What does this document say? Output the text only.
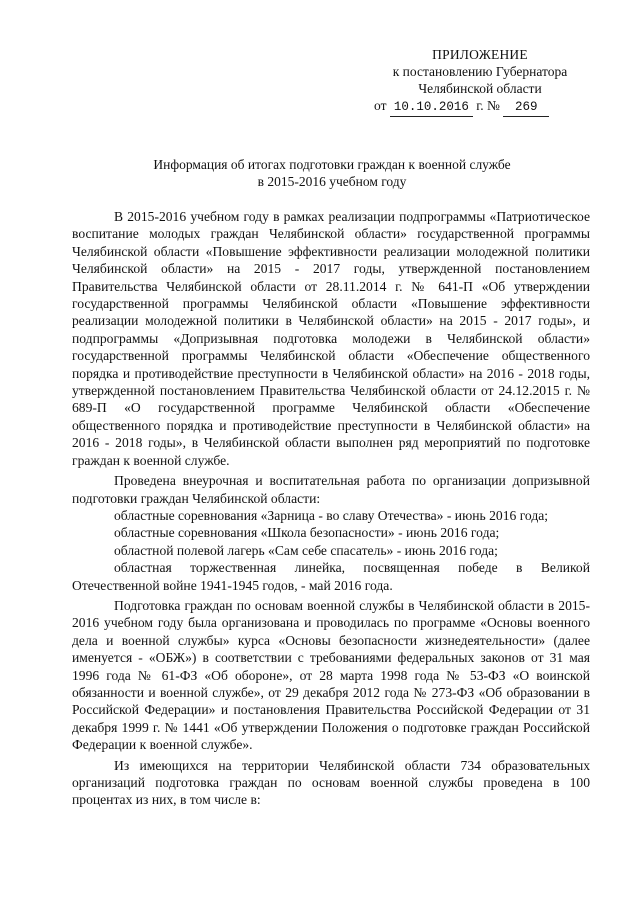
ПРИЛОЖЕНИЕ
к постановлению Губернатора
Челябинской области
от 10.10.2016 г. № 269
Информация об итогах подготовки граждан к военной службе
в 2015-2016 учебном году

В 2015-2016 учебном году в рамках реализации подпрограммы «Патриотическое воспитание молодых граждан Челябинской области» государственной программы Челябинской области «Повышение эффективности реализации молодежной политики Челябинской области» на 2015 - 2017 годы, утвержденной постановлением Правительства Челябинской области от 28.11.2014 г. № 641-П «Об утверждении государственной программы Челябинской области «Повышение эффективности реализации молодежной политики в Челябинской области» на 2015 - 2017 годы», и подпрограммы «Допризывная подготовка молодежи в Челябинской области» государственной программы Челябинской области «Обеспечение общественного порядка и противодействие преступности в Челябинской области» на 2016 - 2018 годы, утвержденной постановлением Правительства Челябинской области от 24.12.2015 г. № 689-П «О государственной программе Челябинской области «Обеспечение общественного порядка и противодействие преступности в Челябинской области» на 2016 - 2018 годы», в Челябинской области выполнен ряд мероприятий по подготовке граждан к военной службе.

Проведена внеурочная и воспитательная работа по организации допризывной подготовки граждан Челябинской области:

областные соревнования «Зарница - во славу Отечества» - июнь 2016 года;

областные соревнования «Школа безопасности» - июнь 2016 года;

областной полевой лагерь «Сам себе спасатель» - июнь 2016 года;

областная торжественная линейка, посвященная победе в Великой Отечественной войне 1941-1945 годов, - май 2016 года.

Подготовка граждан по основам военной службы в Челябинской области в 2015-2016 учебном году была организована и проводилась по программе «Основы военного дела и военной службы» курса «Основы безопасности жизнедеятельности» (далее именуется - «ОБЖ») в соответствии с требованиями федеральных законов от 31 мая 1996 года № 61-ФЗ «Об обороне», от 28 марта 1998 года № 53-ФЗ «О воинской обязанности и военной службе», от 29 декабря 2012 года № 273-ФЗ «Об образовании в Российской Федерации» и постановления Правительства Российской Федерации от 31 декабря 1999 г. № 1441 «Об утверждении Положения о подготовке граждан Российской Федерации к военной службе».

Из имеющихся на территории Челябинской области 734 образовательных организаций подготовка граждан по основам военной службы проведена в 100 процентах из них, в том числе в:
